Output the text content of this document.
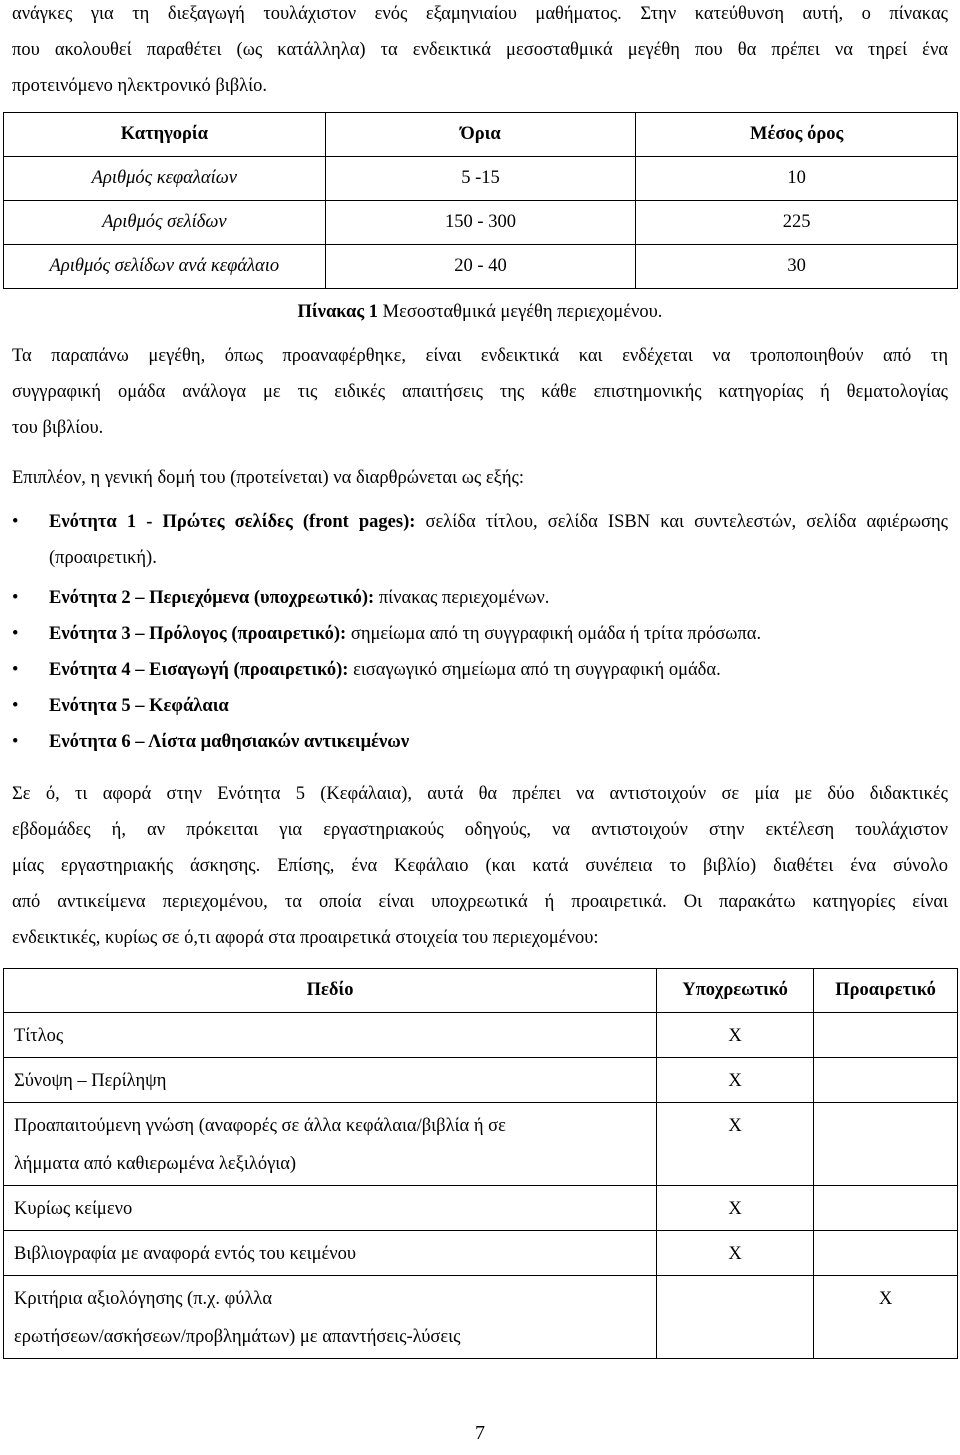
ανάγκες για τη διεξαγωγή τουλάχιστον ενός εξαμηνιαίου μαθήματος. Στην κατεύθυνση αυτή, ο πίνακας

που ακολουθεί παραθέτει (ως κατάλληλα) τα ενδεικτικά μεσοσταθμικά μεγέθη που θα πρέπει να τηρεί ένα

προτεινόμενο ηλεκτρονικό βιβλίο.

Κατηγορία	Όρια	Μέσος όρος
Αριθμός κεφαλαίων	5 -15	10
Αριθμός σελίδων	150 - 300	225
Αριθμός σελίδων ανά κεφάλαιο	20 - 40	30
Πίνακας 1 Μεσοσταθμικά μεγέθη περιεχομένου.

Τα παραπάνω μεγέθη, όπως προαναφέρθηκε, είναι ενδεικτικά και ενδέχεται να τροποποιηθούν από τη

συγγραφική ομάδα ανάλογα με τις ειδικές απαιτήσεις της κάθε επιστημονικής κατηγορίας ή θεματολογίας

του βιβλίου.

Επιπλέον, η γενική δομή του (προτείνεται) να διαρθρώνεται ως εξής:

• Ενότητα 1 - Πρώτες σελίδες (front pages): σελίδα τίτλου, σελίδα ISBN και συντελεστών, σελίδα αφιέρωσης (προαιρετική).
• Ενότητα 2 – Περιεχόμενα (υποχρεωτικό): πίνακας περιεχομένων.
• Ενότητα 3 – Πρόλογος (προαιρετικό): σημείωμα από τη συγγραφική ομάδα ή τρίτα πρόσωπα.
• Ενότητα 4 – Εισαγωγή (προαιρετικό): εισαγωγικό σημείωμα από τη συγγραφική ομάδα.
• Ενότητα 5 – Κεφάλαια
• Ενότητα 6 – Λίστα μαθησιακών αντικειμένων

Σε ό, τι αφορά στην Ενότητα 5 (Κεφάλαια), αυτά θα πρέπει να αντιστοιχούν σε μία με δύο διδακτικές

εβδομάδες ή, αν πρόκειται για εργαστηριακούς οδηγούς, να αντιστοιχούν στην εκτέλεση τουλάχιστον

μίας εργαστηριακής άσκησης. Επίσης, ένα Κεφάλαιο (και κατά συνέπεια το βιβλίο) διαθέτει ένα σύνολο

από αντικείμενα περιεχομένου, τα οποία είναι υποχρεωτικά ή προαιρετικά. Οι παρακάτω κατηγορίες είναι

ενδεικτικές, κυρίως σε ό,τι αφορά στα προαιρετικά στοιχεία του περιεχομένου:

Πεδίο	Υποχρεωτικό	Προαιρετικό

Τίτλος	X	

Σύνοψη – Περίληψη	X	

Προαπαιτούμενη γνώση (αναφορές σε άλλα κεφάλαια/βιβλία ή σε
λήμματα από καθιερωμένα λεξιλόγια)	X	

Κυρίως κείμενο	X	

Βιβλιογραφία με αναφορά εντός του κειμένου	X	

Κριτήρια αξιολόγησης (π.χ. φύλλα
ερωτήσεων/ασκήσεων/προβλημάτων) με απαντήσεις-λύσεις		X
7
